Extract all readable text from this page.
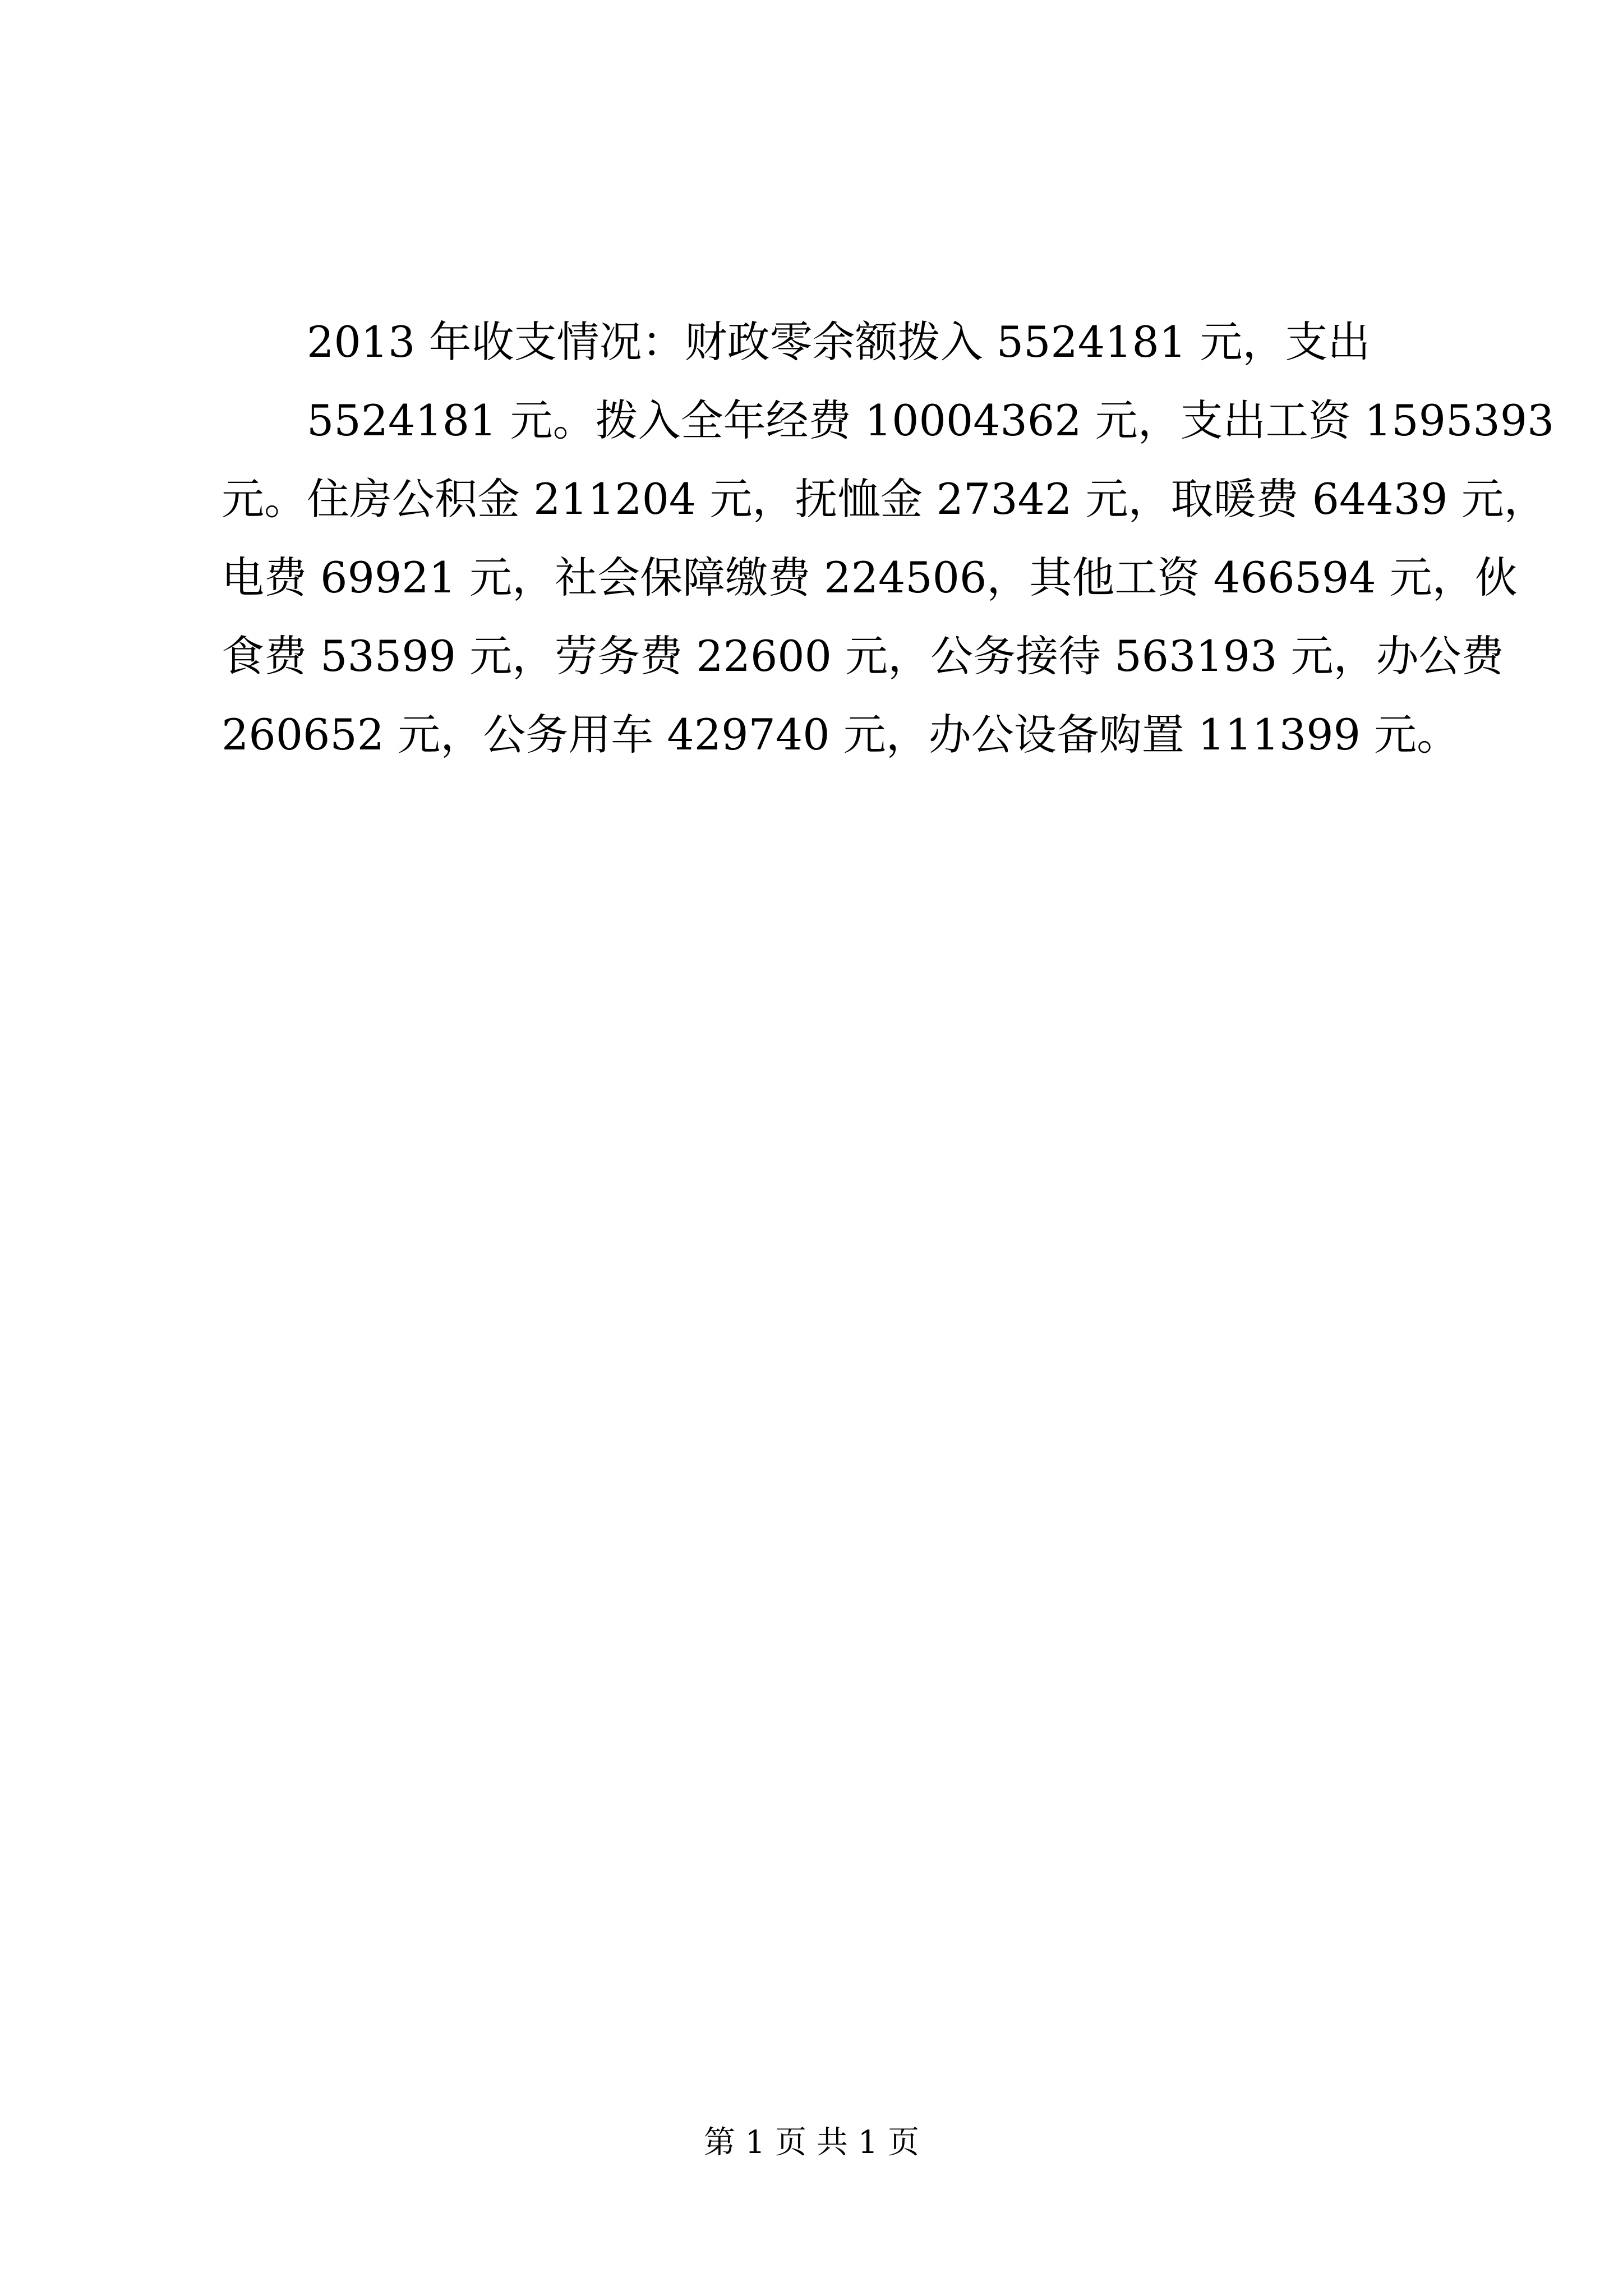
2013 年收支情况：财政零余额拨入 5524181 元，支出

5524181 元。拨入全年经费 10004362 元，支出工资 1595393

元。住房公积金 211204 元，抚恤金 27342 元，取暖费 64439 元，

电费 69921 元，社会保障缴费 224506，其他工资 466594 元，伙

食费 53599 元，劳务费 22600 元，公务接待 563193 元，办公费

260652 元，公务用车 429740 元，办公设备购置 111399 元。

第 1 页 共 1 页
